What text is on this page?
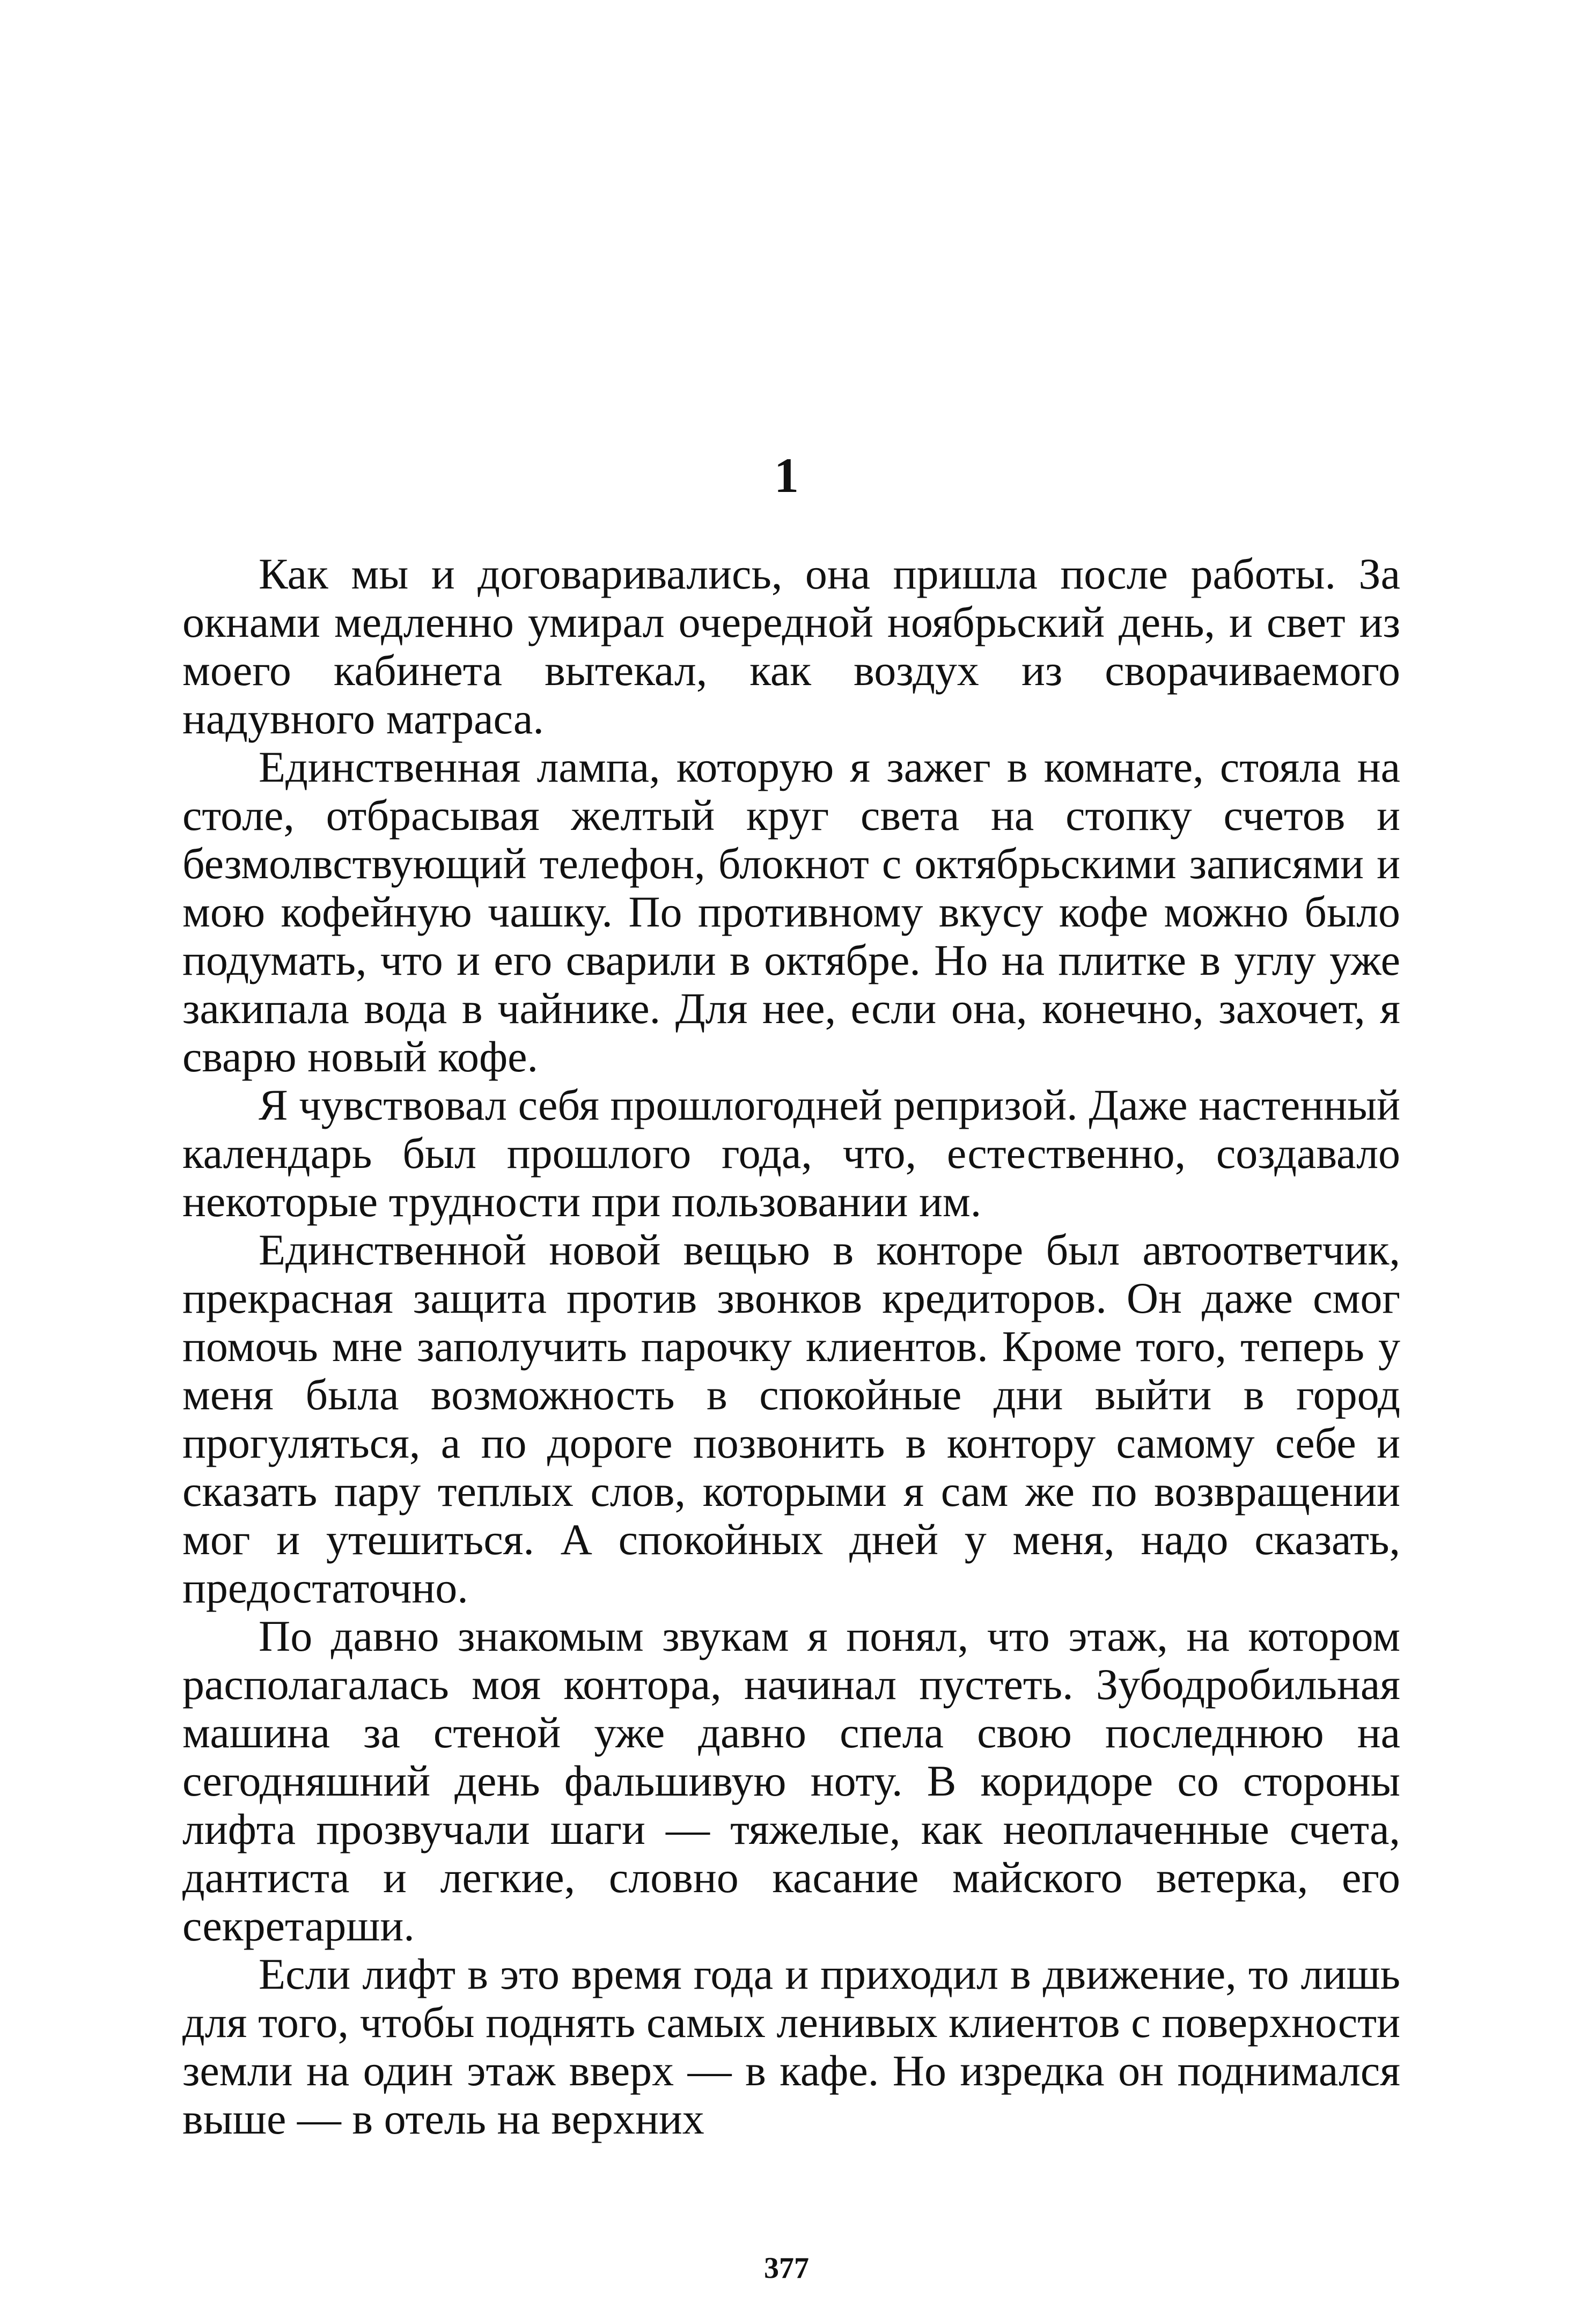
1

Как мы и договаривались, она пришла после работы. За окнами медленно умирал очередной ноябрьский день, и свет из моего кабинета вытекал, как воздух из сворачиваемого надувного матраса.

Единственная лампа, которую я зажег в комнате, стояла на столе, отбрасывая желтый круг света на стопку счетов и безмолвствующий телефон, блокнот с октябрьскими записями и мою кофейную чашку. По противному вкусу кофе можно было подумать, что и его сварили в октябре. Но на плитке в углу уже закипала вода в чайнике. Для нее, если она, конечно, захочет, я сварю новый кофе.

Я чувствовал себя прошлогодней репризой. Даже настенный календарь был прошлого года, что, естественно, создавало некоторые трудности при пользовании им.

Единственной новой вещью в конторе был автоответчик, прекрасная защита против звонков кредиторов. Он даже смог помочь мне заполучить парочку клиентов. Кроме того, теперь у меня была возможность в спокойные дни выйти в город прогуляться, а по дороге позвонить в контору самому себе и сказать пару теплых слов, которыми я сам же по возвращении мог и утешиться. А спокойных дней у меня, надо сказать, предостаточно.

По давно знакомым звукам я понял, что этаж, на котором располагалась моя контора, начинал пустеть. Зубодробильная машина за стеной уже давно спела свою последнюю на сегодняшний день фальшивую ноту. В коридоре со стороны лифта прозвучали шаги — тяжелые, как неоплаченные счета, дантиста и легкие, словно касание майского ветерка, его секретарши.

Если лифт в это время года и приходил в движение, то лишь для того, чтобы поднять самых ленивых клиентов с поверхности земли на один этаж вверх — в кафе. Но изредка он поднимался выше — в отель на верхних

377
